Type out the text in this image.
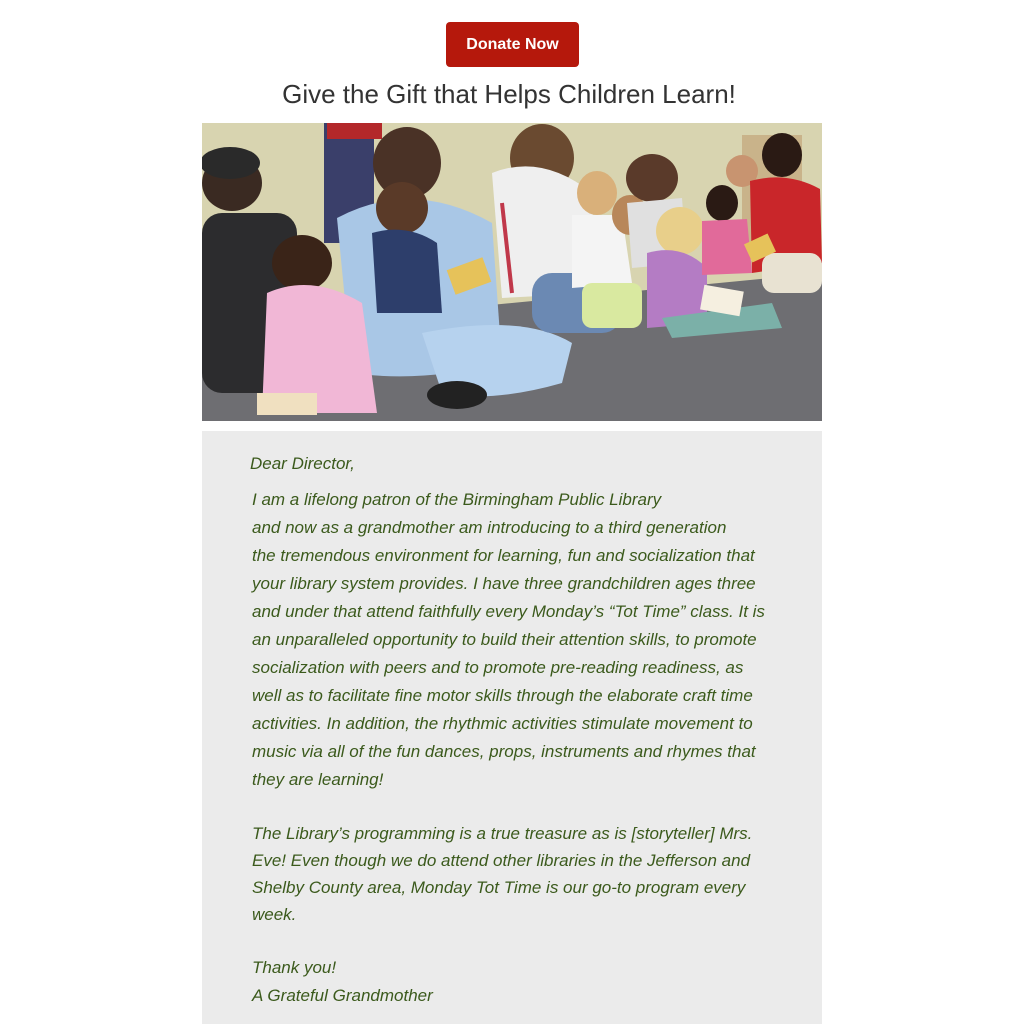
Donate Now
Give the Gift that Helps Children Learn!

Dear Director,

I am a lifelong patron of the Birmingham Public Library
and now as a grandmother am introducing to a third generation
the tremendous environment for learning, fun and socialization that
your library system provides. I have three grandchildren ages three
and under that attend faithfully every Monday’s “Tot Time” class. It is
an unparalleled opportunity to build their attention skills, to promote
socialization with peers and to promote pre-reading readiness, as
well as to facilitate fine motor skills through the elaborate craft time
activities. In addition, the rhythmic activities stimulate movement to
music via all of the fun dances, props, instruments and rhymes that
they are learning!

The Library’s programming is a true treasure as is [storyteller] Mrs.
Eve! Even though we do attend other libraries in the Jefferson and
Shelby County area, Monday Tot Time is our go-to program every
week.

Thank you!
A Grateful Grandmother
